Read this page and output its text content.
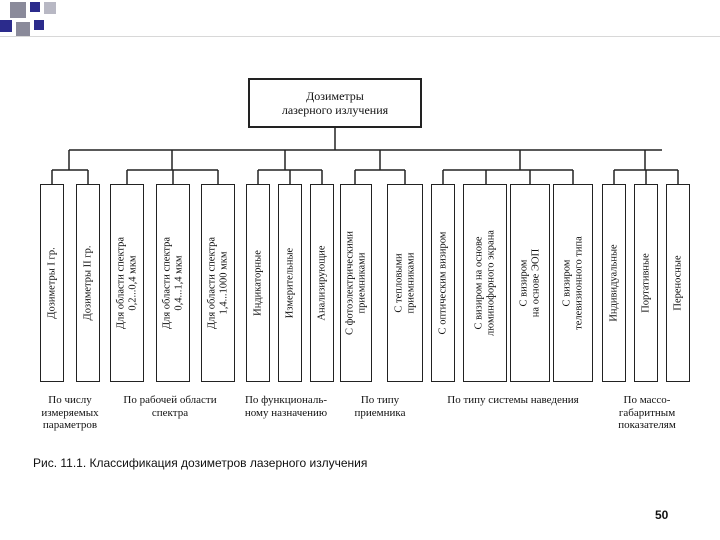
Дозиметры
лазерного излучения
Дозиметры I гр. Дозиметры II гр. Для области спектра
0,2...0,4 мкм
Для области спектра
0,4...1,4 мкм
Для области спектра
1,4...1000 мкм Индикаторные Измерительные Анализирующие
С фотоэлектрическими
приемниками	С тепловыми
приемниками С оптическим визиром С визиром на основе
люминофорного экрана
С визиром
на основе ЭОП
С визиром
телевизионного типа Индивидуальные Портативные Переносные
По числу
измеряемых
параметров
По рабочей области
спектра
По функциональ-
ному назначению
По типу
приемника
По типу системы наведения	По массо-
габаритным
показателям
Рис. 11.1. Классификация дозиметров лазерного излучения
50
